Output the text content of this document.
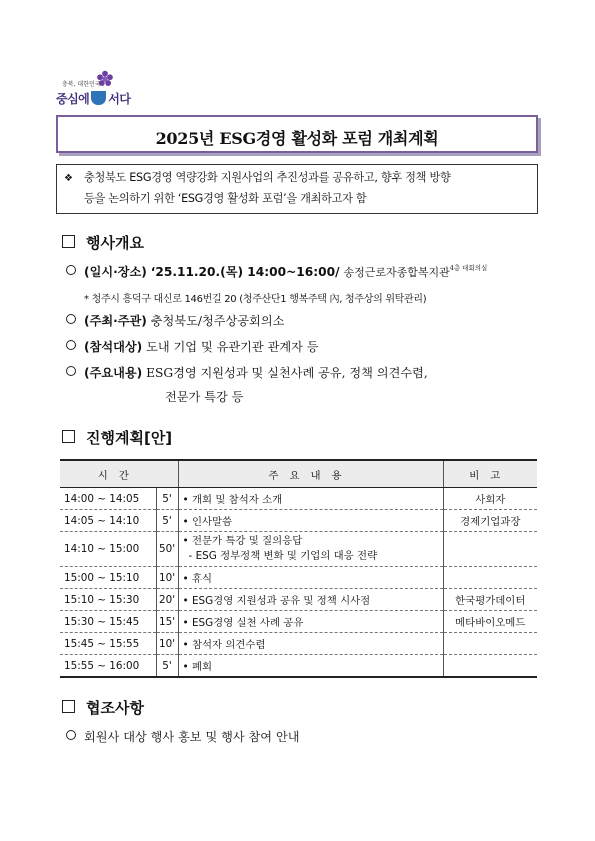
충북, 대한민국
중심에 서다
2025년 ESG경영 활성화 포럼 개최계획
❖ 충청북도 ESG경영 역량강화 지원사업의 추진성과를 공유하고, 향후 정책 방향
등을 논의하기 위한 ‘ESG경영 활성화 포럼’을 개최하고자 함
행사개요
(일시·장소) ‘25.11.20.(목) 14:00~16:00/ 송정근로자종합복지관$^{4층 대회의실}$
* 청주시 흥덕구 대신로 146번길 20 (청주산단1 행복주택 內, 청주상의 위탁관리)
(주최·주관) 충청북도/청주상공회의소
(참석대상) 도내 기업 및 유관기관 관계자 등
(주요내용) ESG경영 지원성과 및 실천사례 공유, 정책 의견수렴,
전문가 특강 등
진행계획[안]
시간		주요내용	비고
14:00 ~ 14:05	5'	• 개회 및 참석자 소개	사회자
14:05 ~ 14:10	5'	• 인사말씀	경제기업과장
14:10 ~ 15:00	50'	• 전문가 특강 및 질의응답
- ESG 정부정책 변화 및 기업의 대응 전략	

15:00 ~ 15:10	10'	• 휴식	
15:10 ~ 15:30	20'	• ESG경영 지원성과 공유 및 정책 시사점	한국평가데이터
15:30 ~ 15:45	15'	• ESG경영 실천 사례 공유	메타바이오메드
15:45 ~ 15:55	10'	• 참석자 의견수렴	
15:55 ~ 16:00	5'	• 폐회	
협조사항
회원사 대상 행사 홍보 및 행사 참여 안내
